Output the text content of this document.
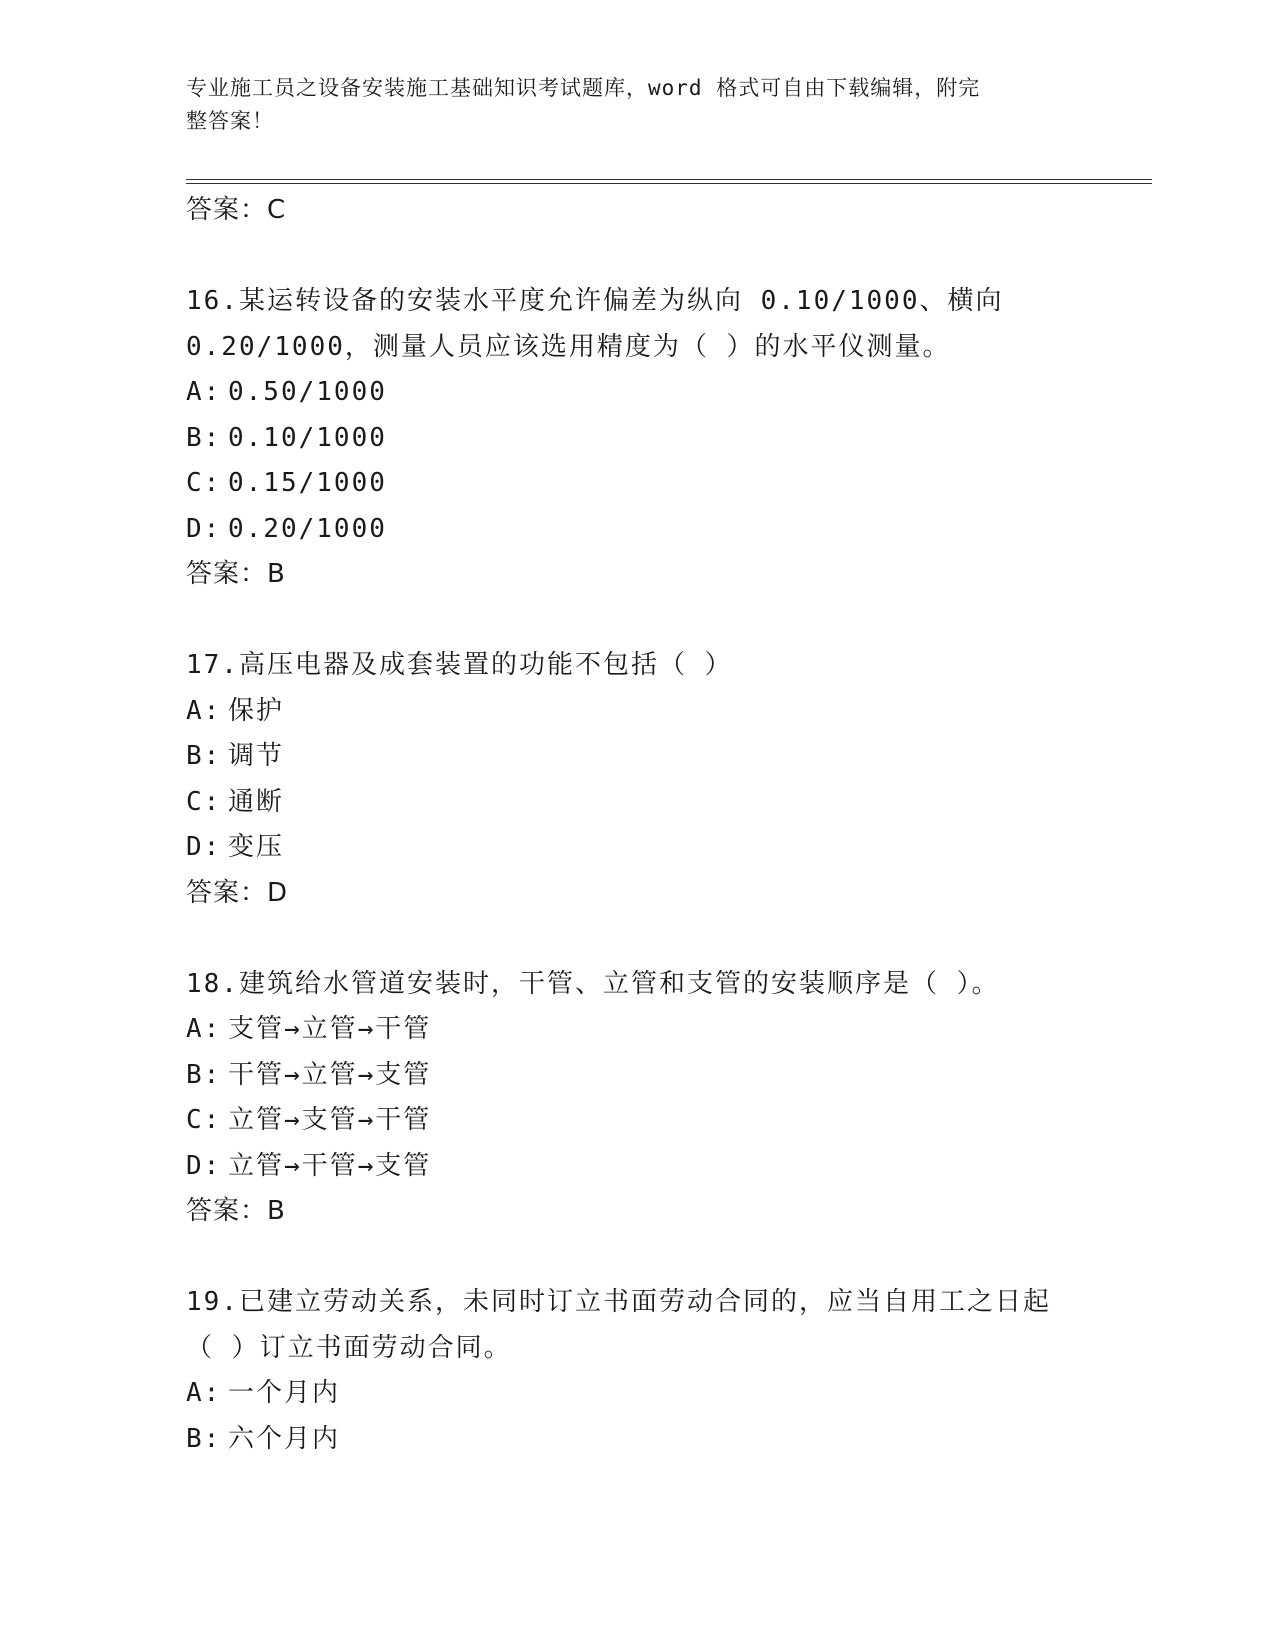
专业施工员之设备安装施工基础知识考试题库，word 格式可自由下载编辑，附完
整答案！
答案：C
16.某运转设备的安装水平度允许偏差为纵向 0.10/1000、横向
0.20/1000，测量人员应该选用精度为（ ）的水平仪测量。
A: 0.50/1000
B: 0.10/1000
C: 0.15/1000
D: 0.20/1000
答案：B
17.高压电器及成套装置的功能不包括（ ）
A: 保护
B: 调节
C: 通断
D: 变压
答案：D
18.建筑给水管道安装时，干管、立管和支管的安装顺序是（ ）。
A: 支管→立管→干管
B: 干管→立管→支管
C: 立管→支管→干管
D: 立管→干管→支管
答案：B
19.已建立劳动关系，未同时订立书面劳动合同的，应当自用工之日起
（ ）订立书面劳动合同。
A: 一个月内
B: 六个月内
